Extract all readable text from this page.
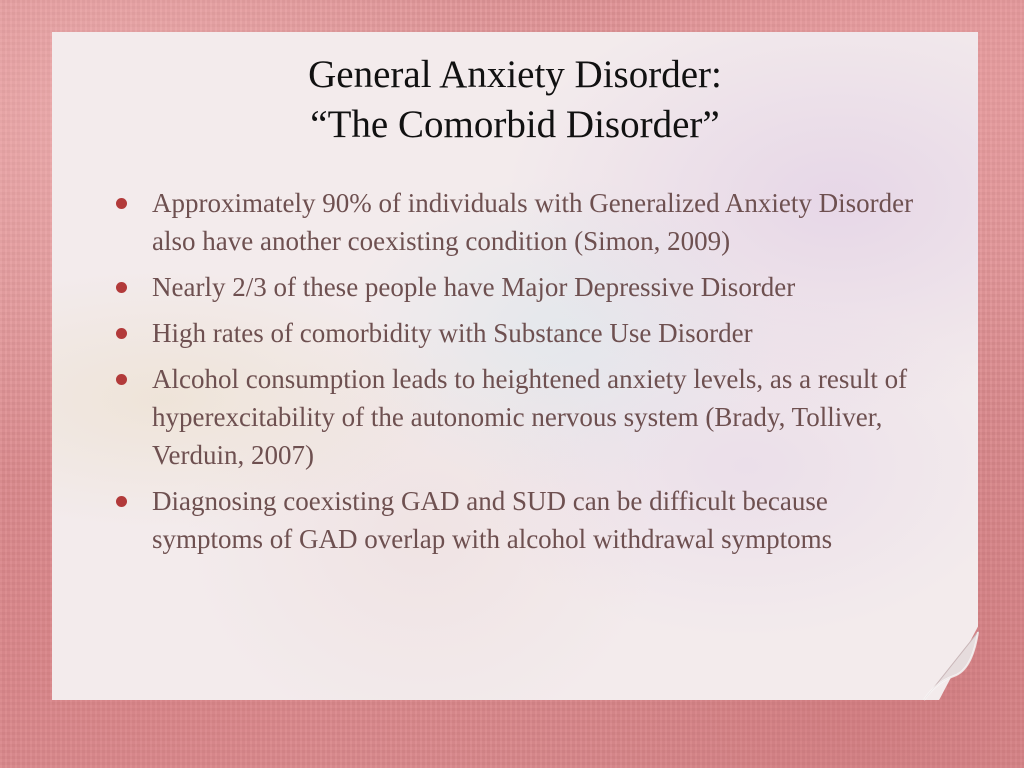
General Anxiety Disorder:
“The Comorbid Disorder”
Approximately 90% of individuals with Generalized Anxiety Disorder also have another coexisting condition (Simon, 2009)
Nearly 2/3 of these people have Major Depressive Disorder
High rates of comorbidity with Substance Use Disorder
Alcohol consumption leads to heightened anxiety levels, as a result of hyperexcitability of the autonomic nervous system (Brady, Tolliver, Verduin, 2007)
Diagnosing coexisting GAD and SUD can be difficult because symptoms of GAD overlap with alcohol withdrawal symptoms
